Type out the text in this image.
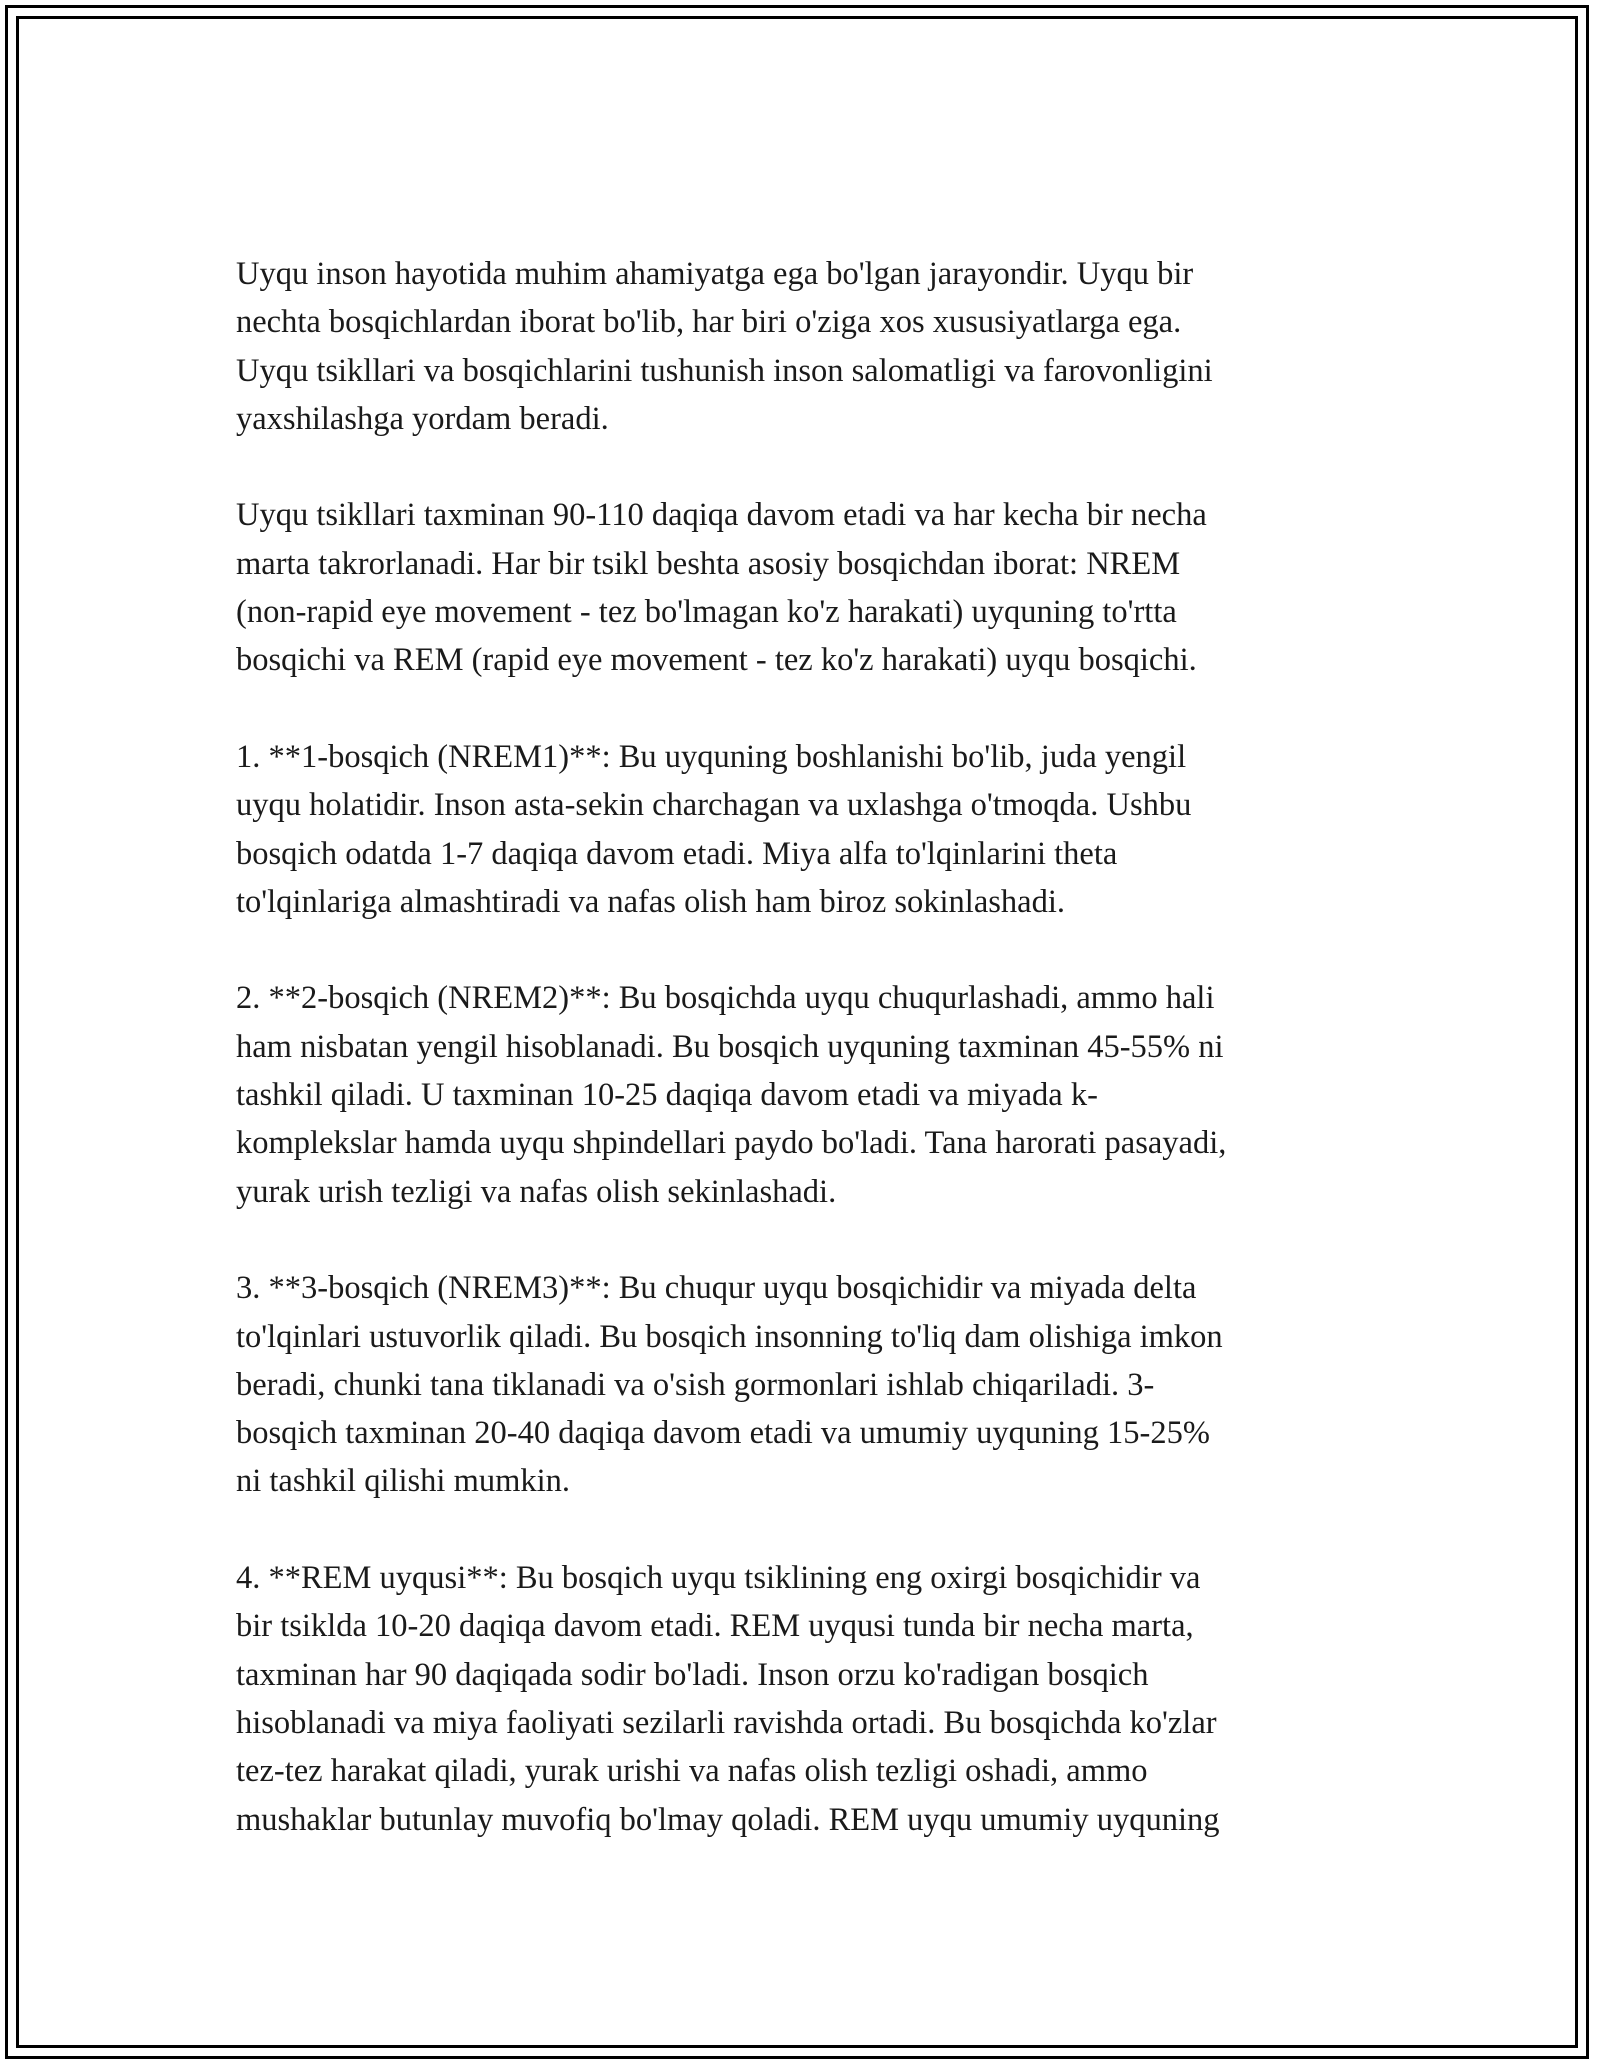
Uyqu inson hayotida muhim ahamiyatga ega bo'lgan jarayondir. Uyqu bir
nechta bosqichlardan iborat bo'lib, har biri o'ziga xos xususiyatlarga ega.
Uyqu tsikllari va bosqichlarini tushunish inson salomatligi va farovonligini
yaxshilashga yordam beradi.

Uyqu tsikllari taxminan 90-110 daqiqa davom etadi va har kecha bir necha
marta takrorlanadi. Har bir tsikl beshta asosiy bosqichdan iborat: NREM
(non-rapid eye movement - tez bo'lmagan ko'z harakati) uyquning to'rtta
bosqichi va REM (rapid eye movement - tez ko'z harakati) uyqu bosqichi.

1. **1-bosqich (NREM1)**: Bu uyquning boshlanishi bo'lib, juda yengil
uyqu holatidir. Inson asta-sekin charchagan va uxlashga o'tmoqda. Ushbu
bosqich odatda 1-7 daqiqa davom etadi. Miya alfa to'lqinlarini theta
to'lqinlariga almashtiradi va nafas olish ham biroz sokinlashadi.

2. **2-bosqich (NREM2)**: Bu bosqichda uyqu chuqurlashadi, ammo hali
ham nisbatan yengil hisoblanadi. Bu bosqich uyquning taxminan 45-55% ni
tashkil qiladi. U taxminan 10-25 daqiqa davom etadi va miyada k-
komplekslar hamda uyqu shpindellari paydo bo'ladi. Tana harorati pasayadi,
yurak urish tezligi va nafas olish sekinlashadi.

3. **3-bosqich (NREM3)**: Bu chuqur uyqu bosqichidir va miyada delta
to'lqinlari ustuvorlik qiladi. Bu bosqich insonning to'liq dam olishiga imkon
beradi, chunki tana tiklanadi va o'sish gormonlari ishlab chiqariladi. 3-
bosqich taxminan 20-40 daqiqa davom etadi va umumiy uyquning 15-25%
ni tashkil qilishi mumkin.

4. **REM uyqusi**: Bu bosqich uyqu tsiklining eng oxirgi bosqichidir va
bir tsiklda 10-20 daqiqa davom etadi. REM uyqusi tunda bir necha marta,
taxminan har 90 daqiqada sodir bo'ladi. Inson orzu ko'radigan bosqich
hisoblanadi va miya faoliyati sezilarli ravishda ortadi. Bu bosqichda ko'zlar
tez-tez harakat qiladi, yurak urishi va nafas olish tezligi oshadi, ammo
mushaklar butunlay muvofiq bo'lmay qoladi. REM uyqu umumiy uyquning
